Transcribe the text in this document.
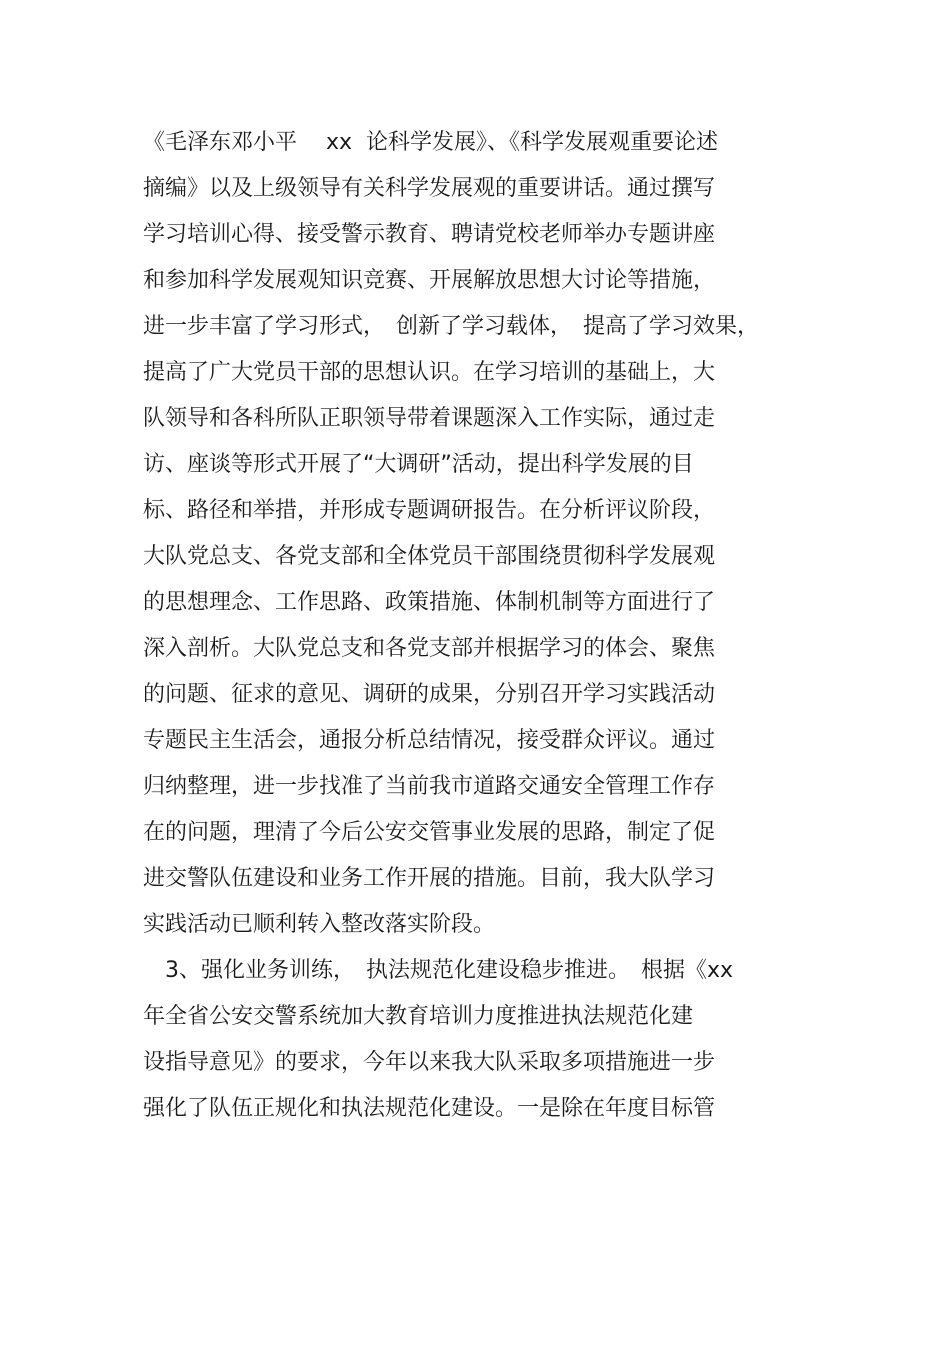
《毛泽东邓小平　 xx  论科学发展》、《科学发展观重要论述
摘编》以及上级领导有关科学发展观的重要讲话。通过撰写
学习培训心得、接受警示教育、聘请党校老师举办专题讲座
和参加科学发展观知识竞赛、开展解放思想大讨论等措施，
进一步丰富了学习形式，　创新了学习载体，　提高了学习效果，
提高了广大党员干部的思想认识。在学习培训的基础上，大
队领导和各科所队正职领导带着课题深入工作实际，通过走
访、座谈等形式开展了“大调研”活动，提出科学发展的目
标、路径和举措，并形成专题调研报告。在分析评议阶段，
大队党总支、各党支部和全体党员干部围绕贯彻科学发展观
的思想理念、工作思路、政策措施、体制机制等方面进行了
深入剖析。大队党总支和各党支部并根据学习的体会、聚焦
的问题、征求的意见、调研的成果，分别召开学习实践活动
专题民主生活会，通报分析总结情况，接受群众评议。通过
归纳整理，进一步找准了当前我市道路交通安全管理工作存
在的问题，理清了今后公安交管事业发展的思路，制定了促
进交警队伍建设和业务工作开展的措施。目前，我大队学习
实践活动已顺利转入整改落实阶段。
　3、强化业务训练，　执法规范化建设稳步推进。　根据《xx
年全省公安交警系统加大教育培训力度推进执法规范化建
设指导意见》的要求，今年以来我大队采取多项措施进一步
强化了队伍正规化和执法规范化建设。一是除在年度目标管
